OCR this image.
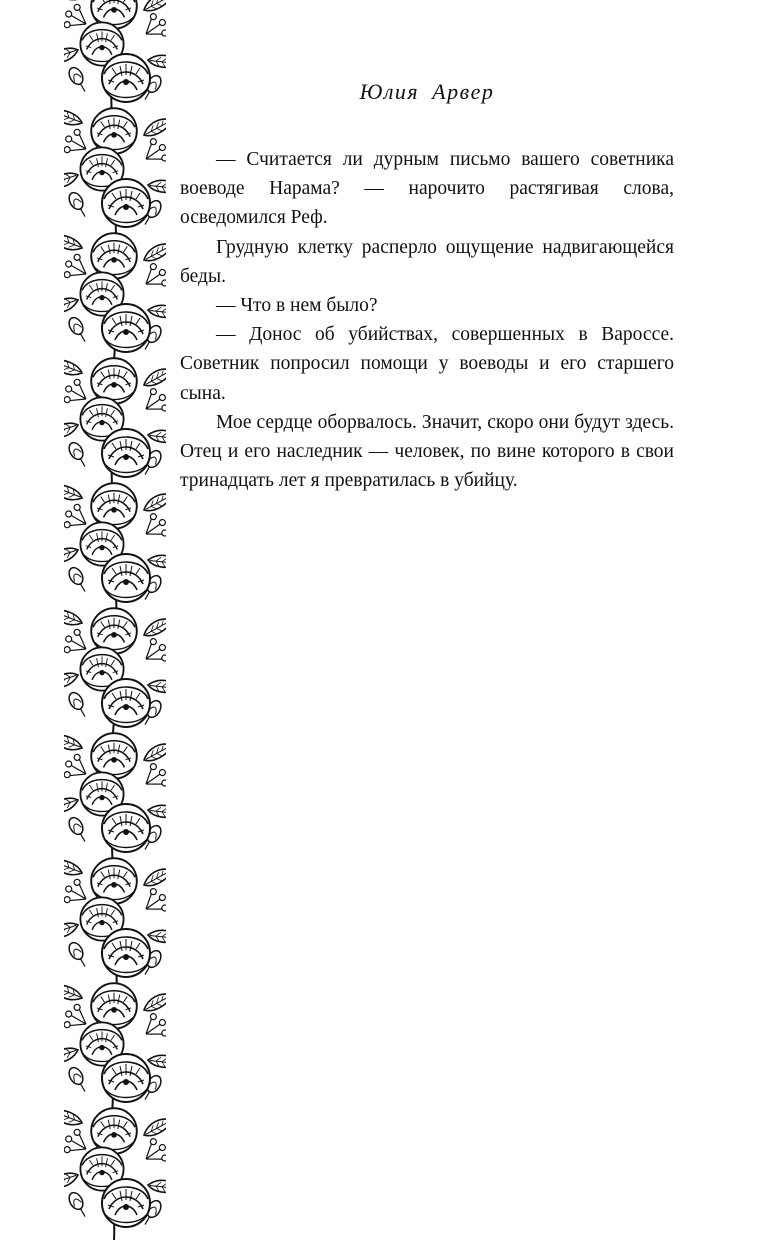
Юлия Арвер

— Считается ли дурным письмо вашего советника воеводе Нарама? — нарочито растягивая слова, осведомился Реф.

Грудную клетку расперло ощущение надвигающейся беды.

— Что в нем было?

— Донос об убийствах, совершенных в Вароссе. Советник попросил помощи у воеводы и его старшего сына.

Мое сердце оборвалось. Значит, скоро они будут здесь. Отец и его наследник — человек, по вине которого в свои тринадцать лет я превратилась в убийцу.
